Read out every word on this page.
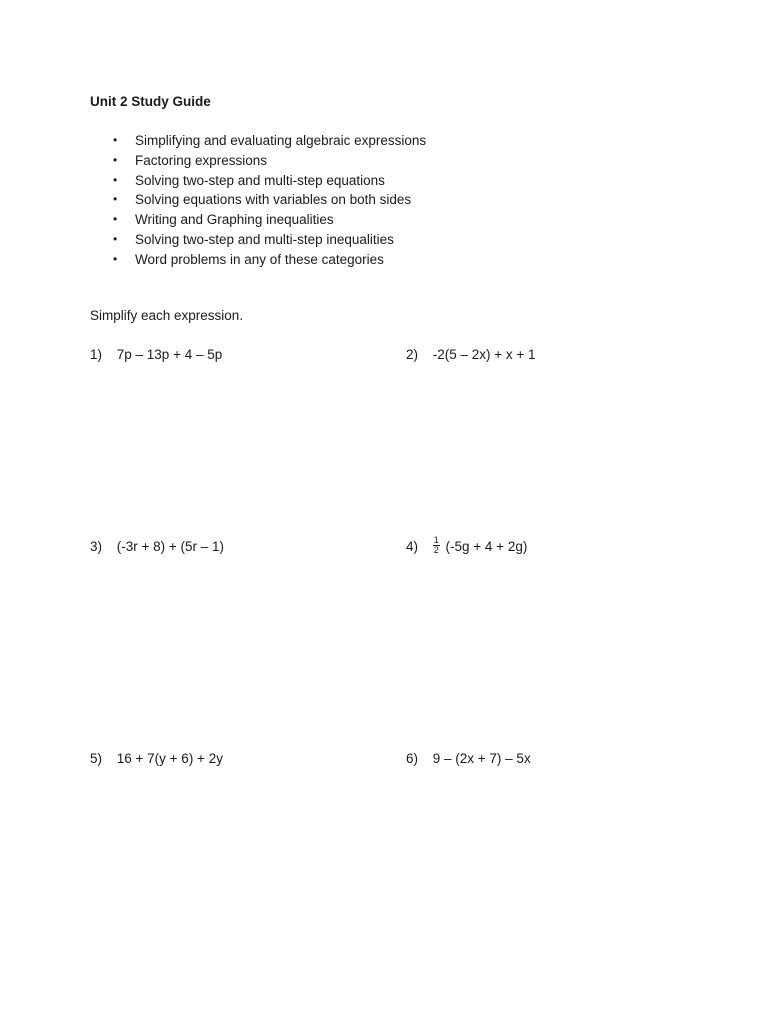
Unit 2 Study Guide
• Simplifying and evaluating algebraic expressions
• Factoring expressions
• Solving two-step and multi-step equations
• Solving equations with variables on both sides
• Writing and Graphing inequalities
• Solving two-step and multi-step inequalities
• Word problems in any of these categories
Simplify each expression.
1) 7p – 13p + 4 – 5p	2) -2(5 – 2x) + x + 1
3) (-3r + 8) + (5r – 1)	$4) \frac{1}{2} (-5g + 4 + 2g)$
5) 16 + 7(y + 6) + 2y	6) 9 – (2x + 7) – 5x
